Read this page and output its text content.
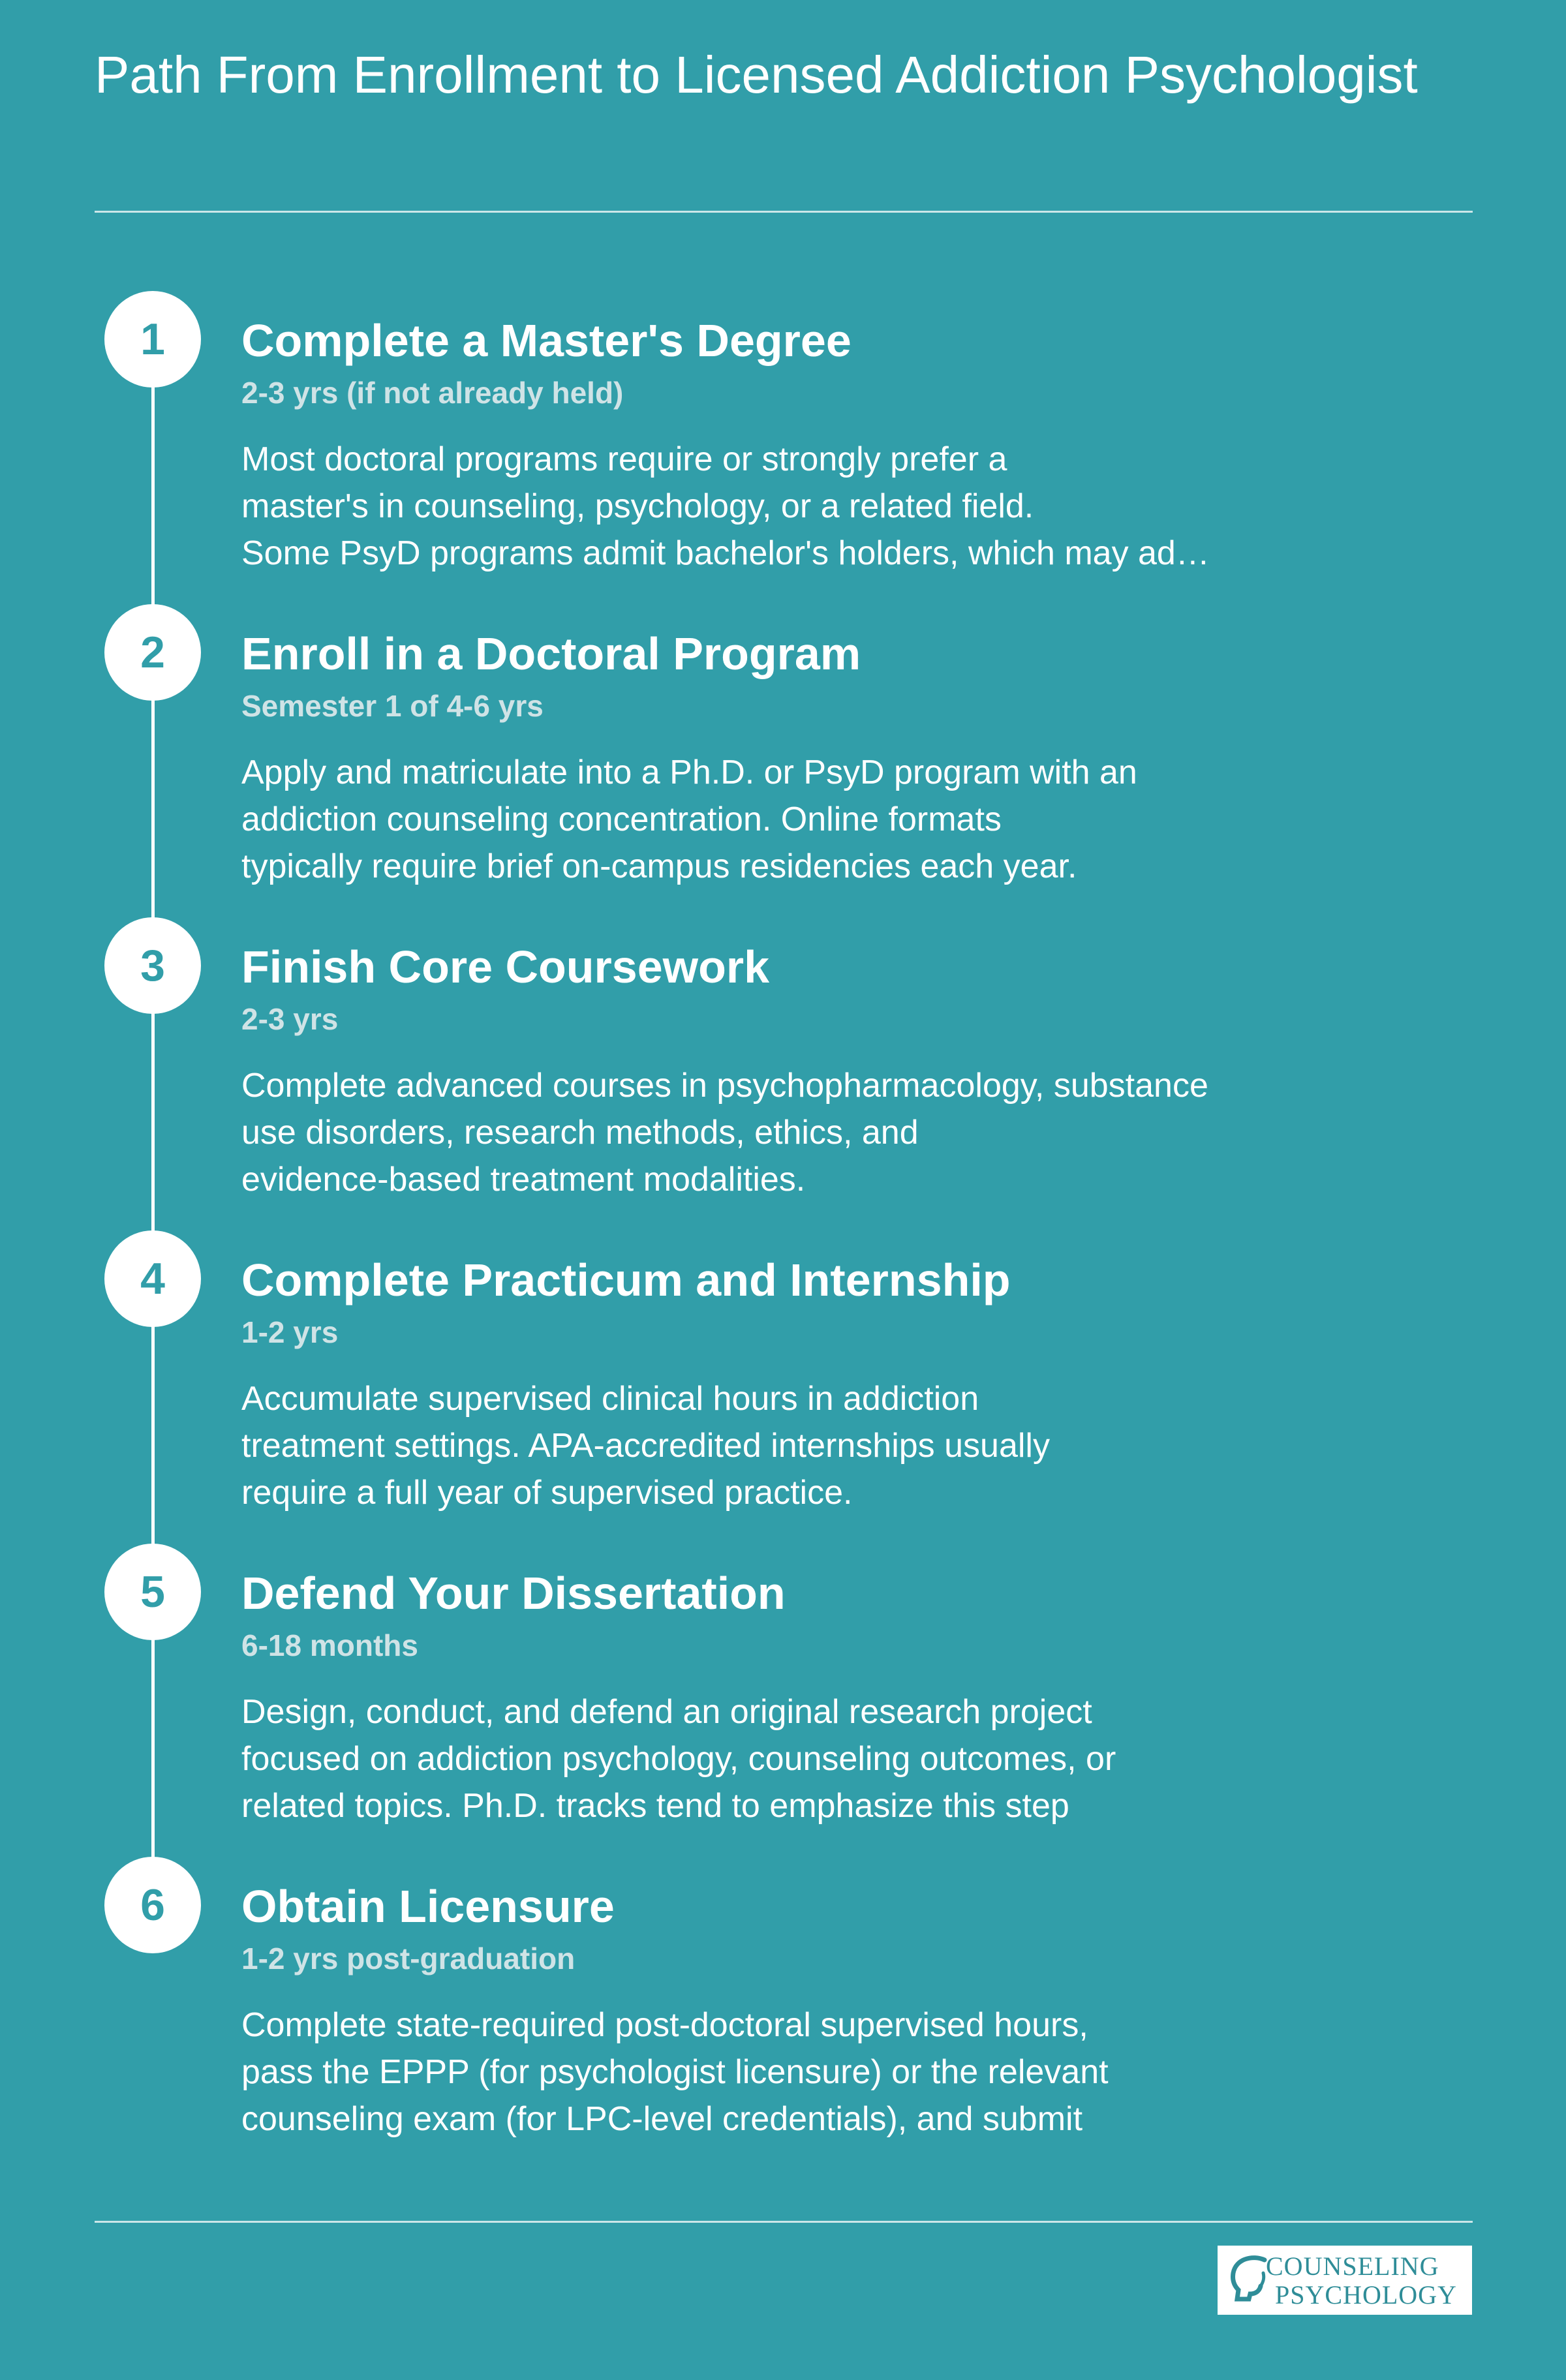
Path From Enrollment to Licensed Addiction Psychologist
1	Complete a Master's Degree
2-3 yrs (if not already held)

Most doctoral programs require or strongly prefer a
master's in counseling, psychology, or a related field.
Some PsyD programs admit bachelor's holders, which may ad…

2	Enroll in a Doctoral Program
Semester 1 of 4-6 yrs

Apply and matriculate into a Ph.D. or PsyD program with an
addiction counseling concentration. Online formats
typically require brief on-campus residencies each year.

3	Finish Core Coursework
2-3 yrs

Complete advanced courses in psychopharmacology, substance
use disorders, research methods, ethics, and
evidence-based treatment modalities.

4	Complete Practicum and Internship
1-2 yrs

Accumulate supervised clinical hours in addiction
treatment settings. APA-accredited internships usually
require a full year of supervised practice.

5	Defend Your Dissertation
6-18 months

Design, conduct, and defend an original research project
focused on addiction psychology, counseling outcomes, or
related topics. Ph.D. tracks tend to emphasize this step

6	Obtain Licensure
1-2 yrs post-graduation

Complete state-required post-doctoral supervised hours,
pass the EPPP (for psychologist licensure) or the relevant
counseling exam (for LPC-level credentials), and submit

COUNSELING
PSYCHOLOGY
